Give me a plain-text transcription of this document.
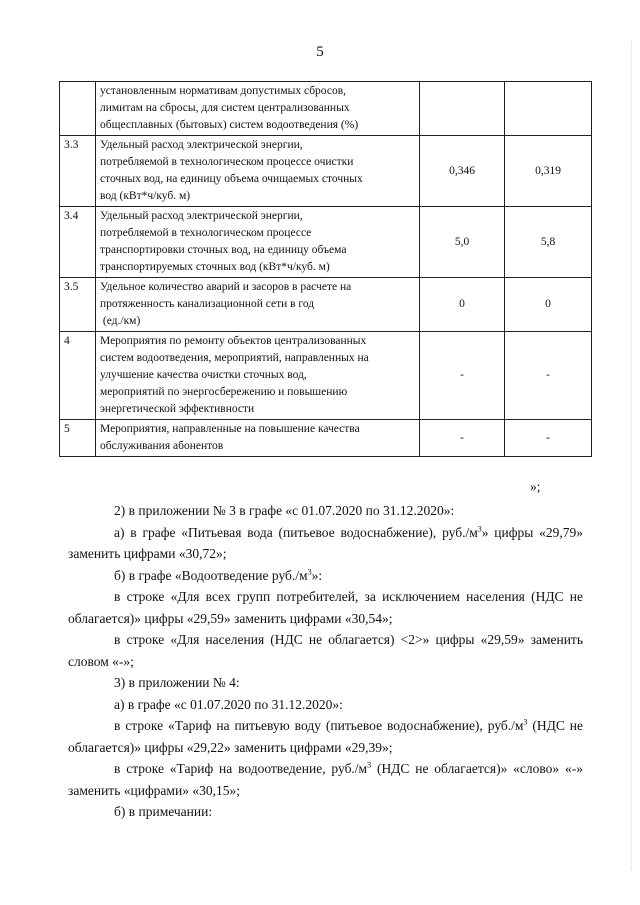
5

	установленным нормативам допустимых сбросов,
лимитам на сбросы, для систем централизованных
общесплавных (бытовых) систем водоотведения (%)		

3.3	Удельный расход электрической энергии,
потребляемой в технологическом процессе очистки
сточных вод, на единицу объема очищаемых сточных
вод (кВт*ч/куб. м)	0,346	0,319
3.4	Удельный расход электрической энергии,
потребляемой в технологическом процессе
транспортировки сточных вод, на единицу объема
транспортируемых сточных вод (кВт*ч/куб. м)	5,0	5,8
3.5	Удельное количество аварий и засоров в расчете на
протяженность канализационной сети в год
(ед./км)	0	0
4	Мероприятия по ремонту объектов централизованных
систем водоотведения, мероприятий, направленных на
улучшение качества очистки сточных вод,
мероприятий по энергосбережению и повышению
энергетической эффективности	-	-
5	Мероприятия, направленные на повышение качества
обслуживания абонентов	-	-
»;

2) в приложении № 3 в графе «с 01.07.2020 по 31.12.2020»:

а) в графе «Питьевая вода (питьевое водоснабжение), $руб./м^3$» цифры «29,79» заменить цифрами «30,72»;

б) в графе «Водоотведение $руб./м^3$»:

в строке «Для всех групп потребителей, за исключением населения (НДС не облагается)» цифры «29,59» заменить цифрами «30,54»;

в строке «Для населения (НДС не облагается) <2>» цифры «29,59» заменить словом «-»;

3) в приложении № 4:

а) в графе «с 01.07.2020 по 31.12.2020»:

в строке «Тариф на питьевую воду (питьевое водоснабжение), $руб./м^3$ (НДС не облагается)» цифры «29,22» заменить цифрами «29,39»;

в строке «Тариф на водоотведение, $руб./м^3$ (НДС не облагается)» «слово» «-» заменить «цифрами» «30,15»;

б) в примечании:
